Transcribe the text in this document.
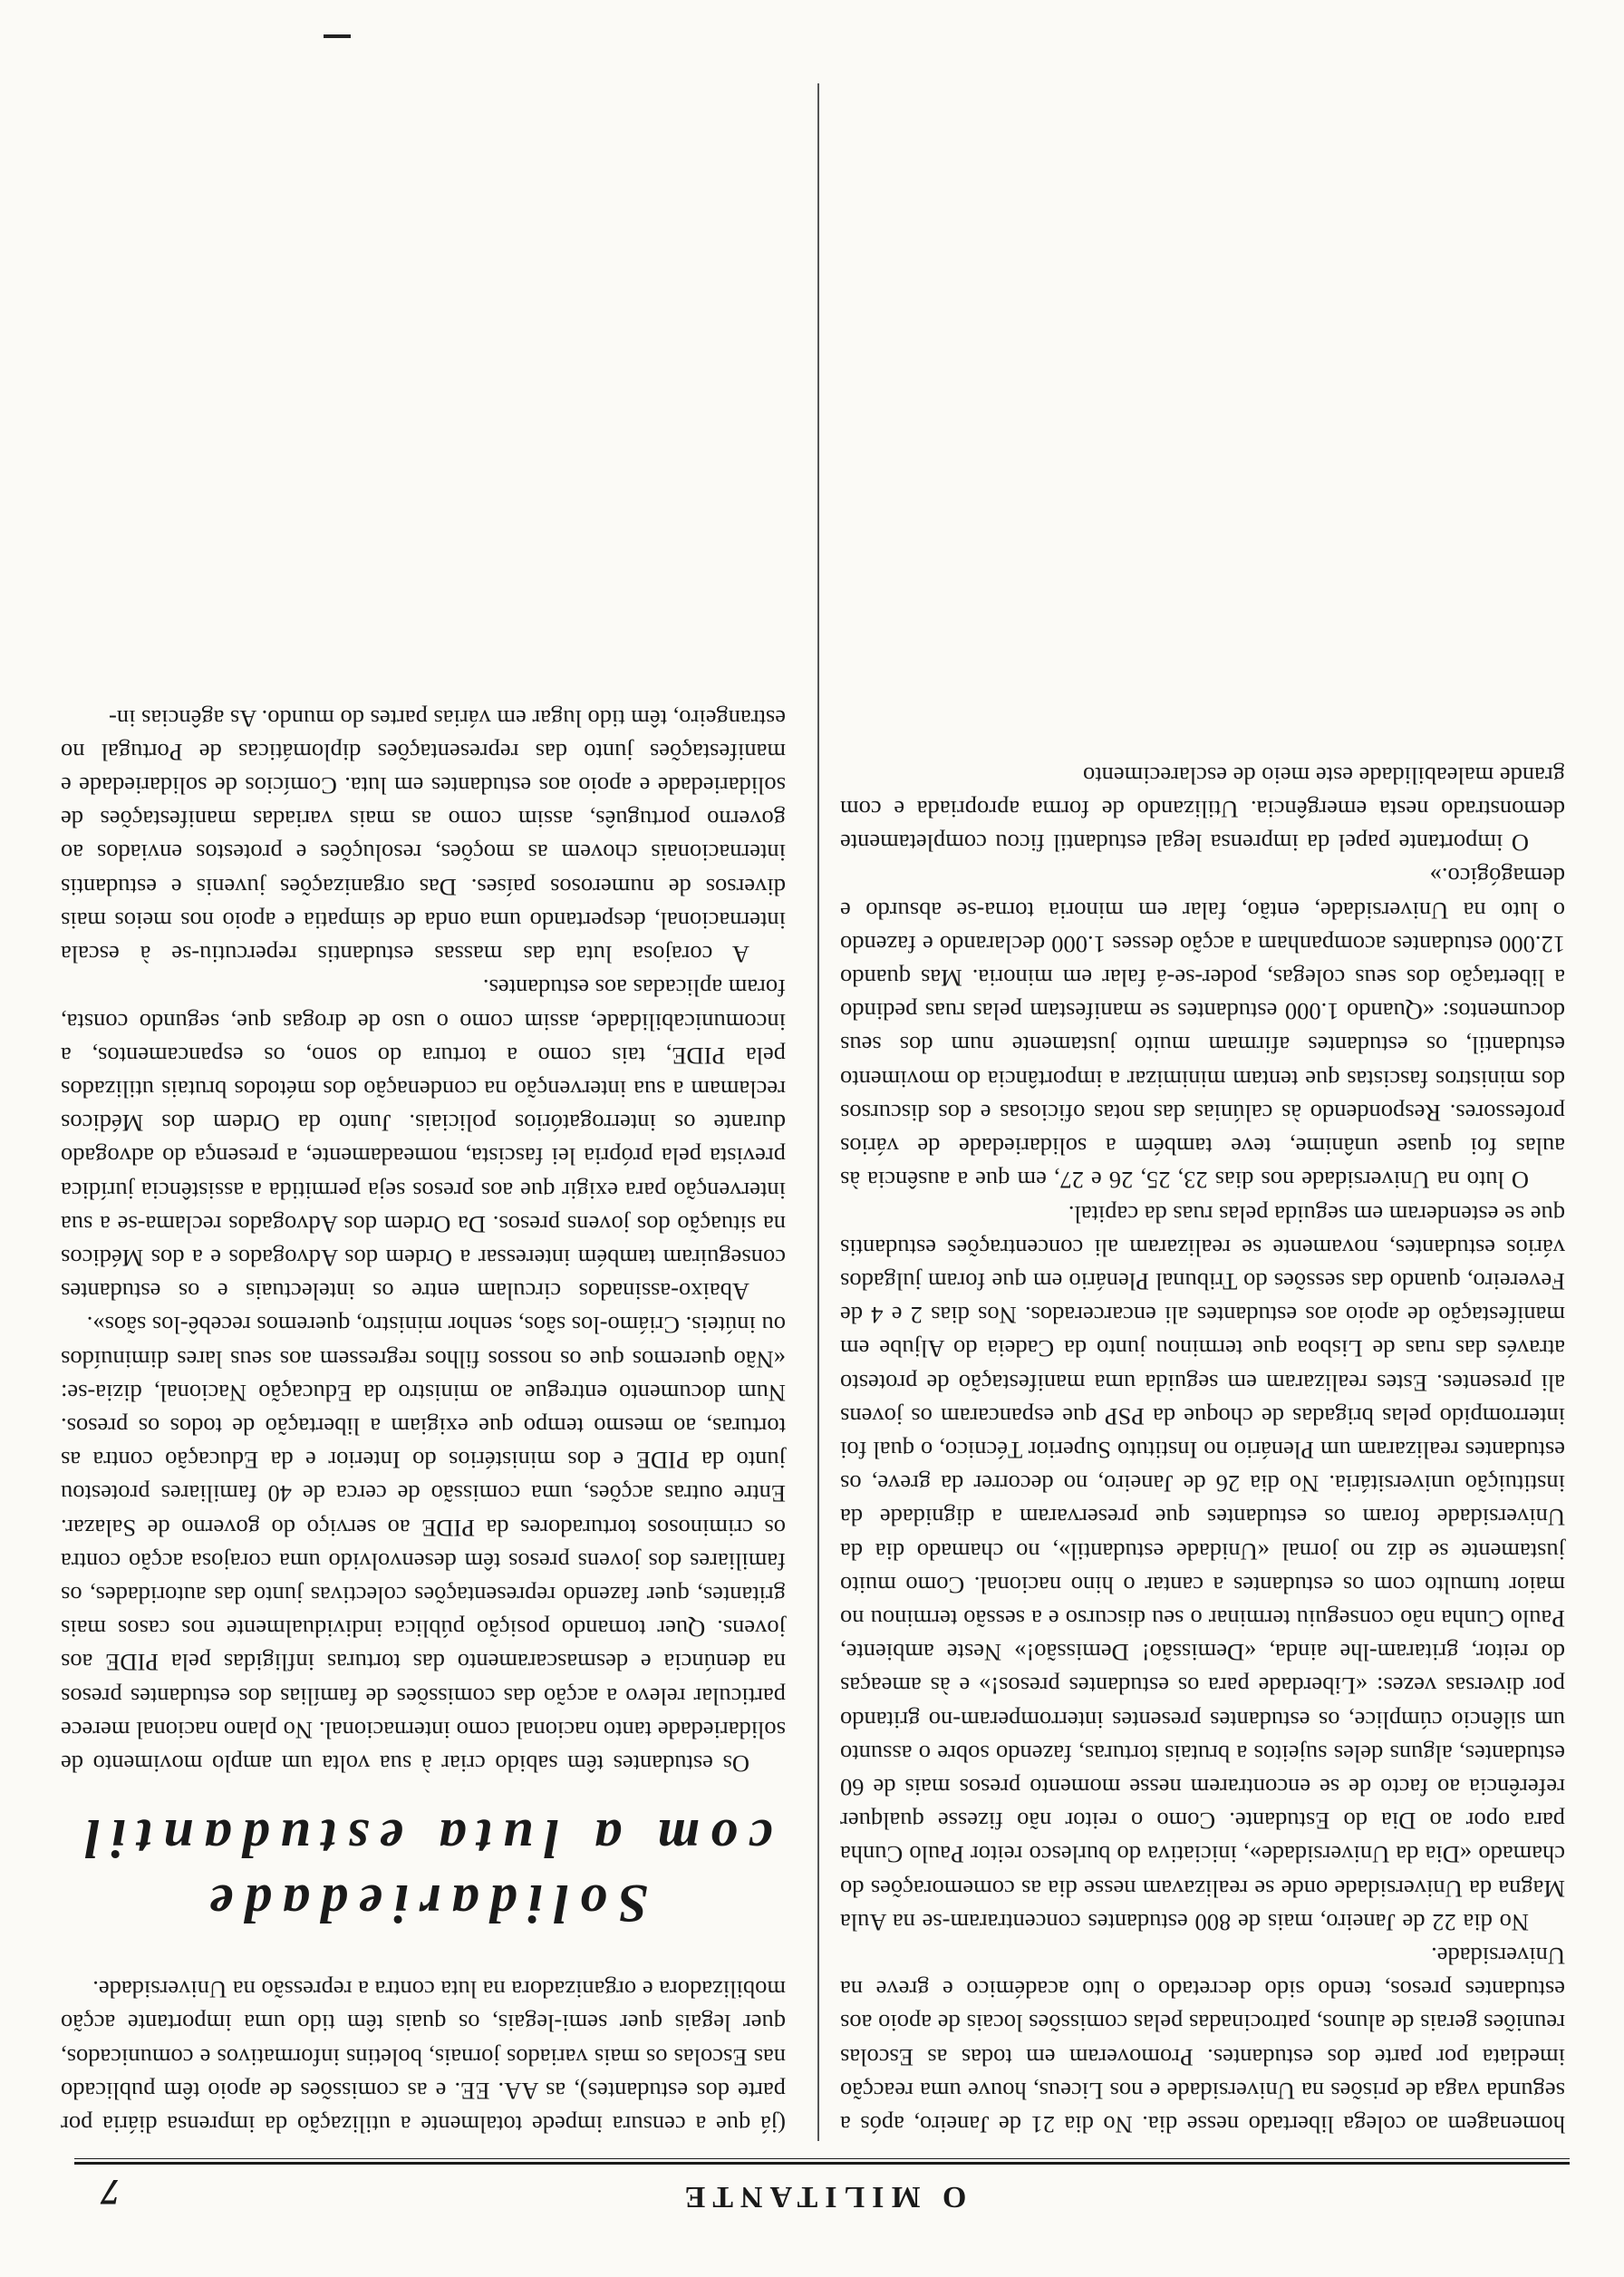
O MILITANTE
7

homenagem ao colega libertado nesse dia. No dia 21 de Janeiro, após a segunda vaga de prisões na Universidade e nos Liceus, houve uma reacção imediata por parte dos estudantes. Promoveram em todas as Escolas reuniões gerais de alunos, patrocinadas pelas comissões locais de apoio aos estudantes presos, tendo sido decretado o luto académico e greve na Universidade.

No dia 22 de Janeiro, mais de 800 estudantes concentraram-se na Aula Magna da Universidade onde se realizavam nesse dia as comemorações do chamado «Dia da Universidade», iniciativa do burlesco reitor Paulo Cunha para opor ao Dia do Estudante. Como o reitor não fizesse qualquer referência ao facto de se encontrarem nesse momento presos mais de 60 estudantes, alguns deles sujeitos a brutais torturas, fazendo sobre o assunto um silêncio cúmplice, os estudantes presentes interromperam-no gritando por diversas vezes: «Liberdade para os estudantes presos!» e às ameaças do reitor, gritaram-lhe ainda, «Demissão! Demissão!» Neste ambiente, Paulo Cunha não conseguiu terminar o seu discurso e a sessão terminou no maior tumulto com os estudantes a cantar o hino nacional. Como muito justamente se diz no jornal «Unidade estudantil», no chamado dia da Universidade foram os estudantes que preservaram a dignidade da instituição universitária. No dia 26 de Janeiro, no decorrer da greve, os estudantes realizaram um Plenário no Instituto Superior Técnico, o qual foi interrompido pelas brigadas de choque da PSP que espancaram os jovens ali presentes. Estes realizaram em seguida uma manifestação de protesto através das ruas de Lisboa que terminou junto da Cadeia do Aljube em manifestação de apoio aos estudantes ali encarcerados. Nos dias 2 e 4 de Fevereiro, quando das sessões do Tribunal Plenário em que foram julgados vários estudantes, novamente se realizaram ali concentrações estudantis que se estenderam em seguida pelas ruas da capital.

O luto na Universidade nos dias 23, 25, 26 e 27, em que a ausência às aulas foi quase unânime, teve também a solidariedade de vários professores. Respondendo às calúnias das notas oficiosas e dos discursos dos ministros fascistas que tentam minimizar a importância do movimento estudantil, os estudantes afirmam muito justamente num dos seus documentos: «Quando 1.000 estudantes se manifestam pelas ruas pedindo a libertação dos seus colegas, poder-se-á falar em minoria. Mas quando 12.000 estudantes acompanham a acção desses 1.000 declarando e fazendo o luto na Universidade, então, falar em minoria torna-se absurdo e demagógico.»

O importante papel da imprensa legal estudantil ficou completamente demonstrado nesta emergência. Utilizando de forma apropriada e com grande maleabilidade este meio de esclarecimento

(já que a censura impede totalmente a utilização da imprensa diária por parte dos estudantes), as AA. EE. e as comissões de apoio têm publicado nas Escolas os mais variados jornais, boletins informativos e comunicados, quer legais quer semi-legais, os quais têm tido uma importante acção mobilizadora e organizadora na luta contra a repressão na Universidade.

Solidariedade
com a luta estudantil

Os estudantes têm sabido criar à sua volta um amplo movimento de solidariedade tanto nacional como internacional. No plano nacional merece particular relevo a acção das comissões de famílias dos estudantes presos na denúncia e desmascaramento das torturas infligidas pela PIDE aos jovens. Quer tomando posição pública individualmente nos casos mais gritantes, quer fazendo representações colectivas junto das autoridades, os familiares dos jovens presos têm desenvolvido uma corajosa acção contra os criminosos torturadores da PIDE ao serviço do governo de Salazar. Entre outras acções, uma comissão de cerca de 40 familiares protestou junto da PIDE e dos ministérios do Interior e da Educação contra as torturas, ao mesmo tempo que exigiam a libertação de todos os presos. Num documento entregue ao ministro da Educação Nacional, dizia-se: «Não queremos que os nossos filhos regressem aos seus lares diminuídos ou inúteis. Criámo-los sãos, senhor ministro, queremos recebê-los sãos».

Abaixo-assinados circulam entre os intelectuais e os estudantes conseguiram também interessar a Ordem dos Advogados e a dos Médicos na situação dos jovens presos. Da Ordem dos Advogados reclama-se a sua intervenção para exigir que aos presos seja permitida a assistência jurídica prevista pela própria lei fascista, nomeadamente, a presença do advogado durante os interrogatórios policiais. Junto da Ordem dos Médicos reclamam a sua intervenção na condenação dos métodos brutais utilizados pela PIDE, tais como a tortura do sono, os espancamentos, a incomunicabilidade, assim como o uso de drogas que, segundo consta, foram aplicadas aos estudantes.

A corajosa luta das massas estudantis repercutiu-se à escala internacional, despertando uma onda de simpatia e apoio nos meios mais diversos de numerosos países. Das organizações juvenis e estudantis internacionais chovem as moções, resoluções e protestos enviados ao governo português, assim como as mais variadas manifestações de solidariedade e apoio aos estudantes em luta. Comícios de solidariedade e manifestações junto das representações diplomáticas de Portugal no estrangeiro, têm tido lugar em várias partes do mundo. As agências in-
